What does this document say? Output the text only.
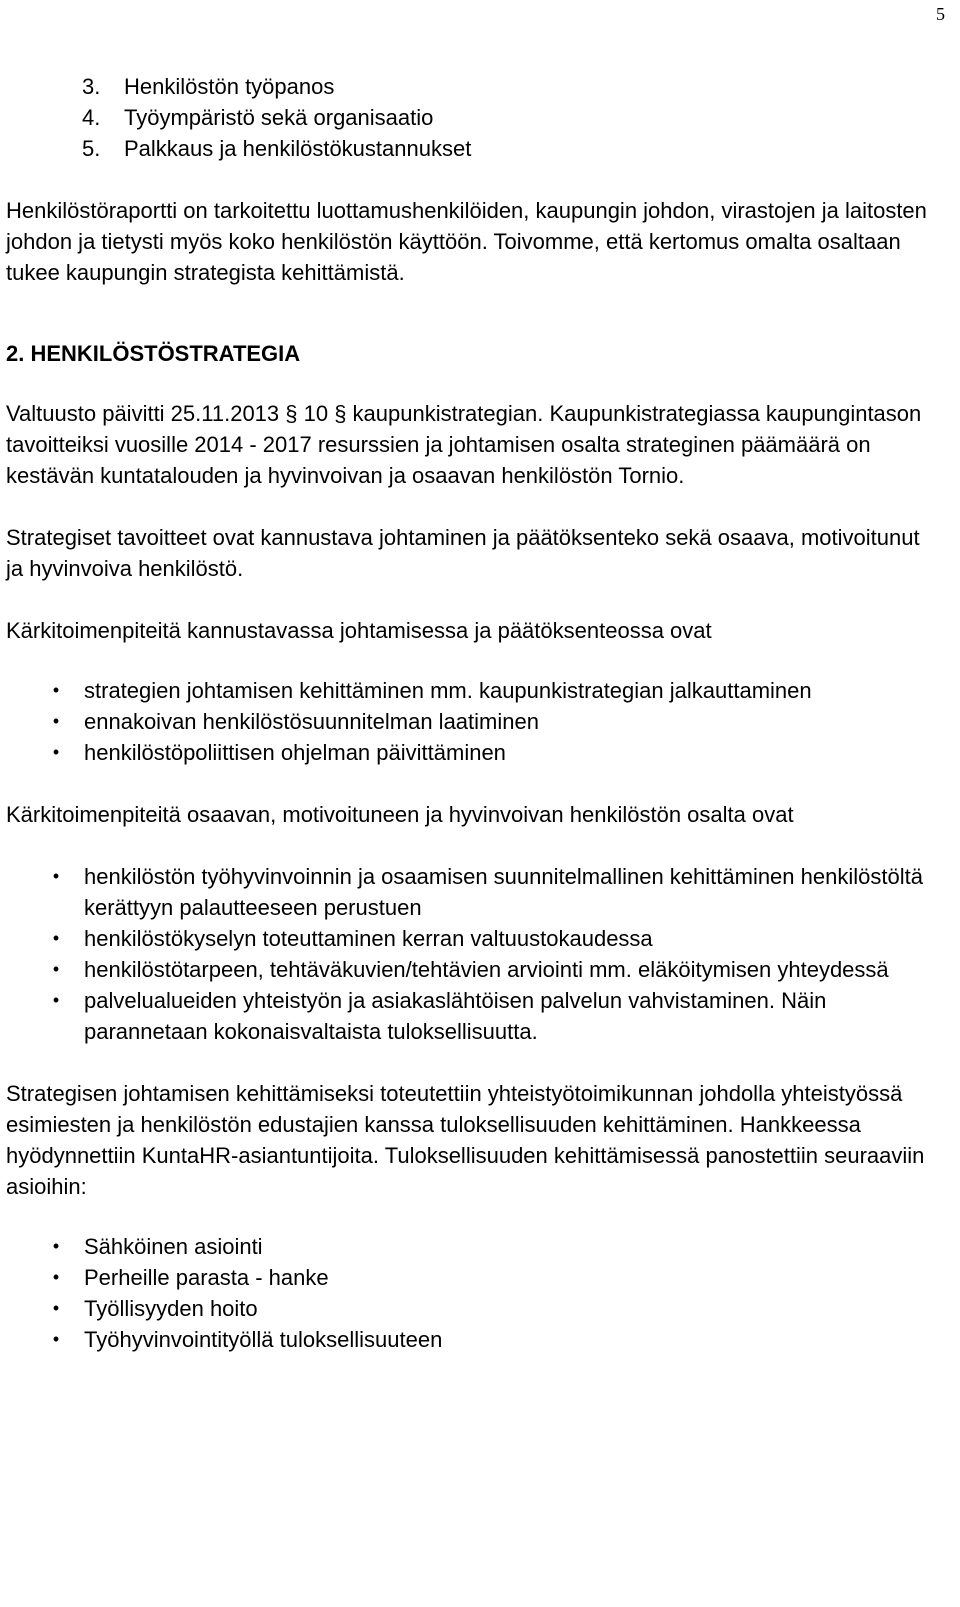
5
3.	Henkilöstön työpanos
4.	Työympäristö sekä organisaatio
5.	Palkkaus ja henkilöstökustannukset

Henkilöstöraportti on tarkoitettu luottamushenkilöiden, kaupungin johdon, virastojen ja laitosten johdon ja tietysti myös koko henkilöstön käyttöön. Toivomme, että kertomus omalta osaltaan tukee kaupungin strategista kehittämistä.

2. HENKILÖSTÖSTRATEGIA

Valtuusto päivitti 25.11.2013 § 10 § kaupunkistrategian. Kaupunkistrategiassa kaupungintason tavoitteiksi vuosille 2014 - 2017 resurssien ja johtamisen osalta strateginen päämäärä on kestävän kuntatalouden ja hyvinvoivan ja osaavan henkilöstön Tornio.

Strategiset tavoitteet ovat kannustava johtaminen ja päätöksenteko sekä osaava, motivoitunut ja hyvinvoiva henkilöstö.

Kärkitoimenpiteitä kannustavassa johtamisessa ja päätöksenteossa ovat

•	strategien johtamisen kehittäminen mm. kaupunkistrategian jalkauttaminen
•	ennakoivan henkilöstösuunnitelman laatiminen
•	henkilöstöpoliittisen ohjelman päivittäminen

Kärkitoimenpiteitä osaavan, motivoituneen ja hyvinvoivan henkilöstön osalta ovat

•	henkilöstön työhyvinvoinnin ja osaamisen suunnitelmallinen kehittäminen henkilöstöltä kerättyyn palautteeseen perustuen
•	henkilöstökyselyn toteuttaminen kerran valtuustokaudessa
•	henkilöstötarpeen, tehtäväkuvien/tehtävien arviointi mm. eläköitymisen yhteydessä
•	palvelualueiden yhteistyön ja asiakaslähtöisen palvelun vahvistaminen. Näin parannetaan kokonaisvaltaista tuloksellisuutta.

Strategisen johtamisen kehittämiseksi toteutettiin yhteistyötoimikunnan johdolla yhteistyössä esimiesten ja henkilöstön edustajien kanssa tuloksellisuuden kehittäminen. Hankkeessa hyödynnettiin KuntaHR-asiantuntijoita. Tuloksellisuuden kehittämisessä panostettiin seuraaviin asioihin:

•	Sähköinen asiointi
•	Perheille parasta - hanke
•	Työllisyyden hoito
•	Työhyvinvointityöllä tuloksellisuuteen
